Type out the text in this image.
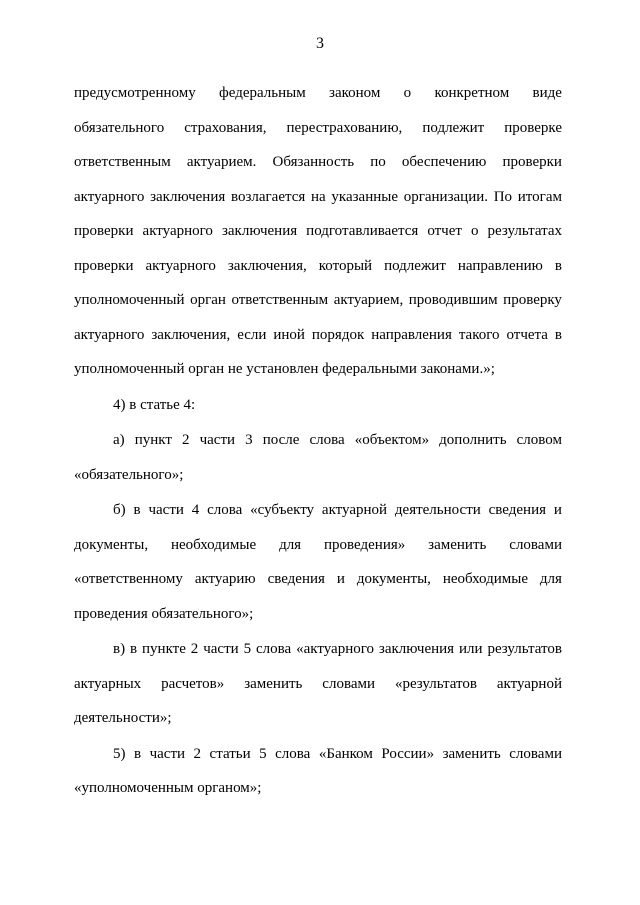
3
предусмотренному федеральным законом о конкретном виде
обязательного страхования, перестрахованию, подлежит проверке
ответственным актуарием. Обязанность по обеспечению проверки
актуарного заключения возлагается на указанные организации. По итогам
проверки актуарного заключения подготавливается отчет о результатах
проверки актуарного заключения, который подлежит направлению в
уполномоченный орган ответственным актуарием, проводившим проверку
актуарного заключения, если иной порядок направления такого отчета в
уполномоченный орган не установлен федеральными законами.»;
4) в статье 4:
а) пункт 2 части 3 после слова «объектом» дополнить словом
«обязательного»;
б) в части 4 слова «субъекту актуарной деятельности сведения и
документы, необходимые для проведения» заменить словами
«ответственному актуарию сведения и документы, необходимые для
проведения обязательного»;
в) в пункте 2 части 5 слова «актуарного заключения или результатов
актуарных расчетов» заменить словами «результатов актуарной
деятельности»;
5) в части 2 статьи 5 слова «Банком России» заменить словами
«уполномоченным органом»;
